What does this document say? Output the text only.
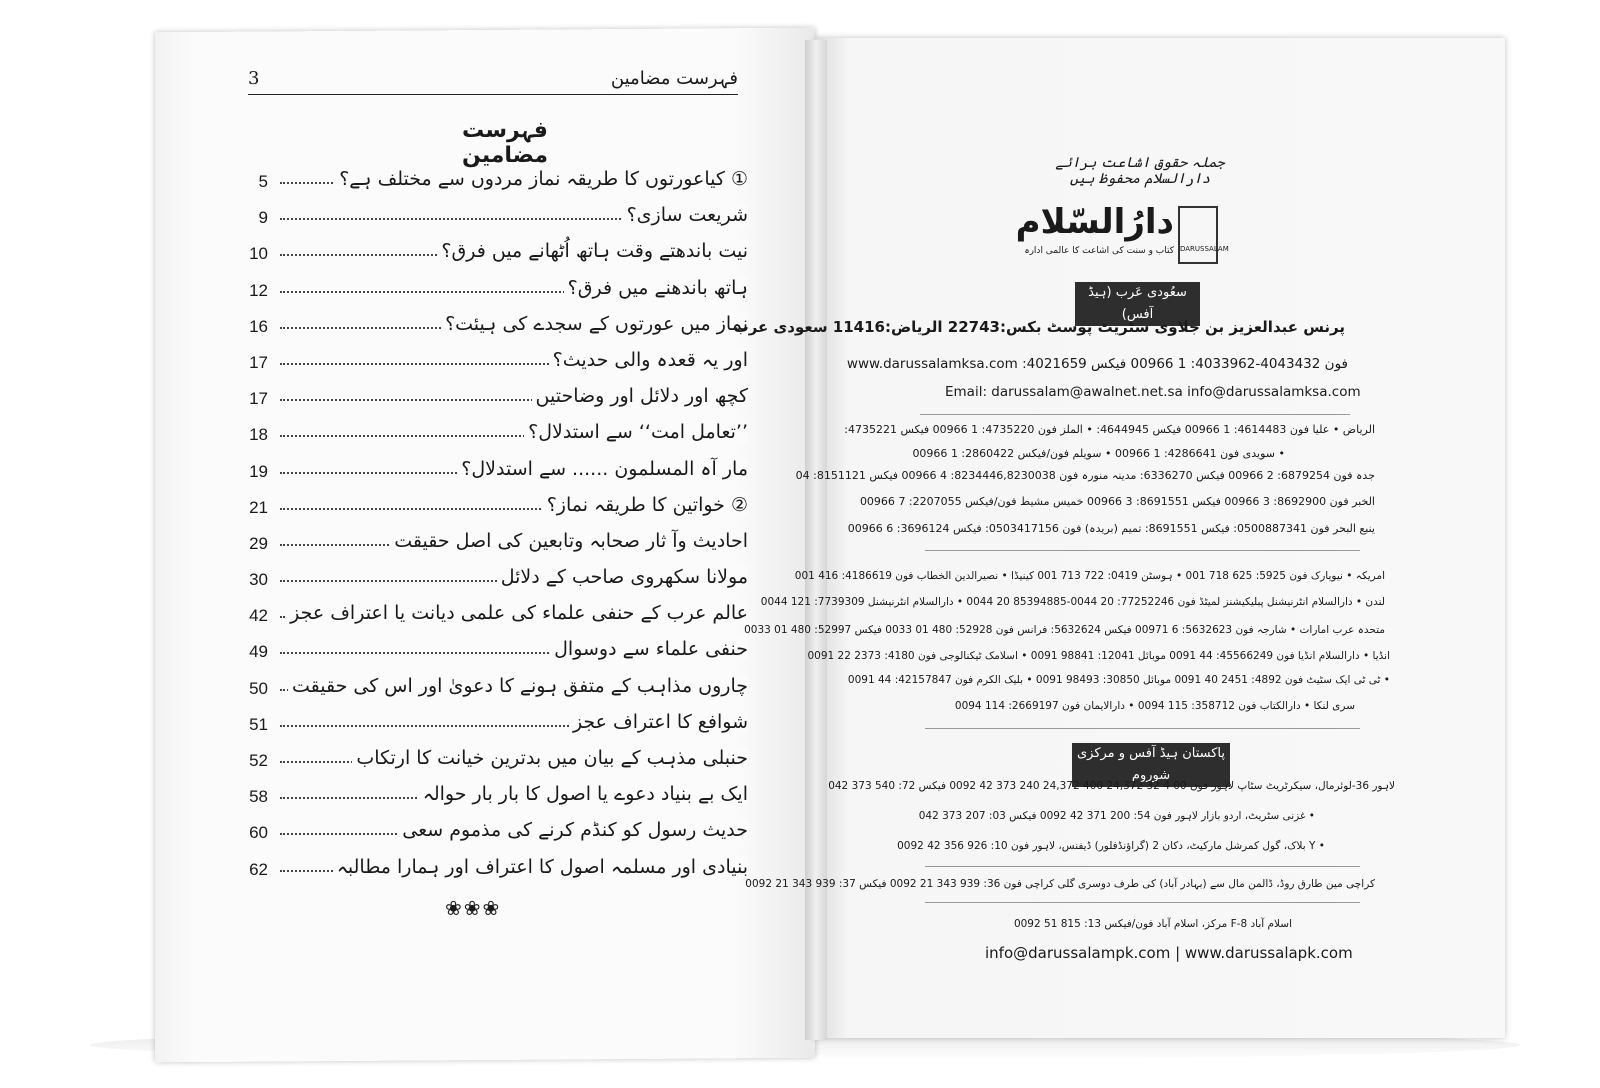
3	فہرست مضامین
فہرست مضامین
5	① کیاعورتوں کا طریقہ نماز مردوں سے مختلف ہے؟
9	شریعت سازی؟
10	نیت باندھتے وقت ہاتھ اُٹھانے میں فرق؟
12	ہاتھ باندھنے میں فرق؟
16	نماز میں عورتوں کے سجدے کی ہیئت؟
17	اور یہ قعدہ والی حدیث؟
17	کچھ اور دلائل اور وضاحتیں
18	’’تعامل امت‘‘ سے استدلال؟
19	مار آہ المسلمون ...... سے استدلال؟
21	② خواتین کا طریقہ نماز؟
29	احادیث وآ ثار صحابہ وتابعین کی اصل حقیقت
30	مولانا سکھروی صاحب کے دلائل
42 عالم عرب کے حنفی علماء کی علمی دیانت یا اعتراف عجز
49	حنفی علماء سے دوسوال
50 چاروں مذاہب کے متفق ہونے کا دعویٰ اور اس کی حقیقت
51	شوافع کا اعتراف عجز
52	حنبلی مذہب کے بیان میں بدترین خیانت کا ارتکاب
58	ایک بے بنیاد دعوے یا اصول کا بار بار حوالہ
60	حدیث رسول کو کنڈم کرنے کی مذموم سعی
62	بنیادی اور مسلمہ اصول کا اعتراف اور ہمارا مطالبہ
❀❀❀
جملہ حقوق اشاعت برائے دارالسلام محفوظ ہیں
DARUSSALAM
دارُالسّلام
کتاب و سنت کی اشاعت کا عالمی ادارہ
سعُودی عَرب (ہیڈ آفس)
پرنس عبدالعزیز بن جلاوی سٹریٹ پوسٹ بکس:22743 الریاض:11416 سعودی عرب
فون 4043432-4033962: 1 00966 فیکس 4021659: www.darussalamksa.com
Email: darussalam@awalnet.net.sa info@darussalamksa.com
الریاض • علیا فون 4614483: 1 00966 فیکس 4644945: • الملز فون 4735220: 1 00966 فیکس 4735221:
• سویدی فون 4286641: 1 00966 • سویلم فون/فیکس 2860422: 1 00966
جدہ فون 6879254: 2 00966 فیکس 6336270: مدینہ منورہ فون 8234446,8230038: 4 00966 فیکس 8151121: 04
الخبر فون 8692900: 3 00966 فیکس 8691551: 3 00966 خمیس مشیط فون/فیکس 2207055: 7 00966
ینبع البحر فون 0500887341: فیکس 8691551: تمیم (بریدہ) فون 0503417156: فیکس 3696124: 6 00966
امریکہ • نیویارک فون 5925: 625 718 001 • ہوسٹن 0419: 722 713 001 کینیڈا • نصیرالدین الخطاب فون 4186619: 416 001
لندن • دارالسلام انٹرنیشنل پبلیکیشنز لمیٹڈ فون 77252246: 20 0044-85394885 20 0044 • دارالسلام انٹرنیشنل 7739309: 121 0044
متحدہ عرب امارات • شارجہ فون 5632623: 6 00971 فیکس 5632624: فرانس فون 52928: 480 01 0033 فیکس 52997: 480 01 0033
انڈیا • دارالسلام انڈیا فون 45566249: 44 0091 موبائل 12041: 98841 0091 • اسلامک ٹیکنالوجی فون 4180: 2373 22 0091
• ٹی ٹی ایک سٹیٹ فون 4892: 2451 40 0091 موبائل 30850: 98493 0091 • بلیک الکرم فون 42157847: 44 0091
سری لنکا • دارالکتاب فون 358712: 115 0094 • دارالایمان فون 2669197: 114 0094
پاکستان ہیڈ آفس و مرکزی شوروم
لاہور 36-لوئرمال، سیکرٹریٹ سٹاپ لاہور فون 00 4 32 24,372 400 24,372 240 373 42 0092 فیکس 72: 540 373 042
• غزنی سٹریٹ، اردو بازار لاہور فون 54: 200 371 42 0092 فیکس 03: 207 373 042
• Y بلاک، گول کمرشل مارکیٹ، دکان 2 (گراؤنڈفلور) ڈیفنس، لاہور فون 10: 926 356 42 0092
کراچی مین طارق روڈ، ڈالمن مال سے (بہادر آباد) کی طرف دوسری گلی کراچی فون 36: 939 343 21 0092 فیکس 37: 939 343 21 0092
اسلام آباد F-8 مرکز، اسلام آباد فون/فیکس 13: 815 51 0092
info@darussalampk.com | www.darussalapk.com
